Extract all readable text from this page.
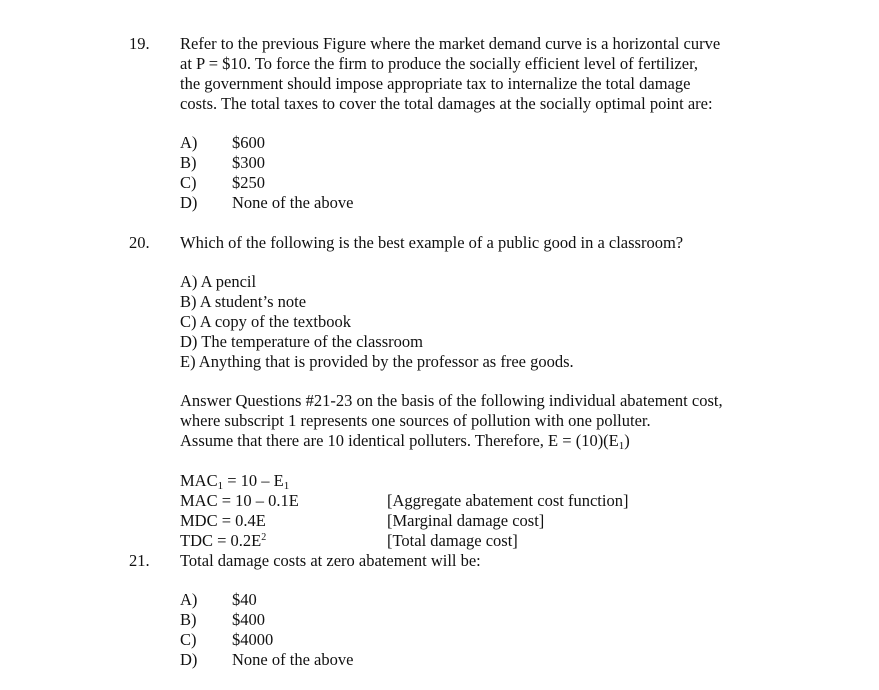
19. Refer to the previous Figure where the market demand curve is a horizontal curve
at P = $10. To force the firm to produce the socially efficient level of fertilizer,
the government should impose appropriate tax to internalize the total damage
costs. The total taxes to cover the total damages at the socially optimal point are:
A) $600
B) $300
C) $250
D) None of the above
20. Which of the following is the best example of a public good in a classroom?
A) A pencil
B) A student’s note
C) A copy of the textbook
D) The temperature of the classroom
E) Anything that is provided by the professor as free goods.
Answer Questions #21-23 on the basis of the following individual abatement cost,
where subscript 1 represents one sources of pollution with one polluter.
Assume that there are 10 identical polluters. Therefore, $E = (10)(E_1)$
$MAC_1 = 10 - E_1$
MAC = 10 – 0.1E	[Aggregate abatement cost function]
MDC = 0.4E	[Marginal damage cost]
TDC = $0.2E^2$	[Total damage cost]
21. Total damage costs at zero abatement will be:
A) $40
B) $400
C) $4000
D) None of the above
